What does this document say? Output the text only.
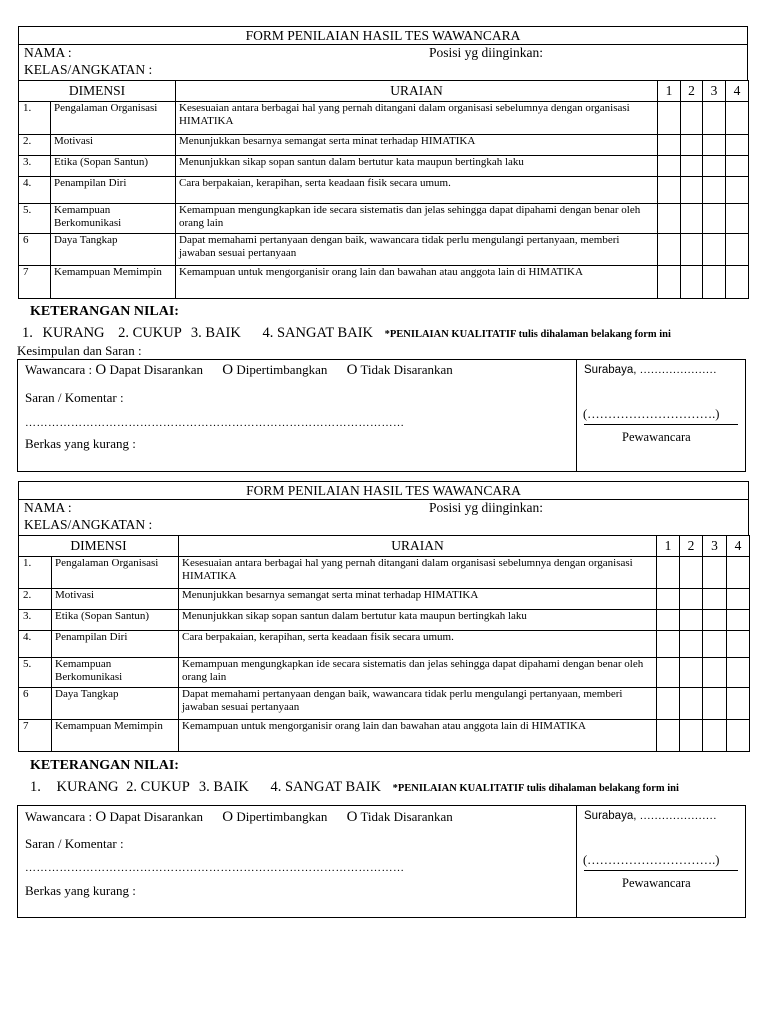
FORM PENILAIAN HASIL TES WAWANCARA
NAMA :	Posisi yg diinginkan:
KELAS/ANGKATAN :
DIMENSI		URAIAN	1	2	3	4
1.	Pengalaman Organisasi	Kesesuaian antara berbagai hal yang pernah ditangani dalam organisasi sebelumnya dengan organisasi HIMATIKA				
2.	Motivasi	Menunjukkan besarnya semangat serta minat terhadap HIMATIKA				
3.	Etika (Sopan Santun)	Menunjukkan sikap sopan santun dalam bertutur kata maupun bertingkah laku				
4.	Penampilan Diri	Cara berpakaian, kerapihan, serta keadaan fisik secara umum.				
5.	Kemampuan Berkomunikasi	Kemampuan mengungkapkan ide secara sistematis dan jelas sehingga dapat dipahami dengan benar oleh orang lain				
6	Daya Tangkap	Dapat memahami pertanyaan dengan baik, wawancara tidak perlu mengulangi pertanyaan, memberi jawaban sesuai pertanyaan				
7	Kemampuan Memimpin	Kemampuan untuk mengorganisir orang lain dan bawahan atau anggota lain di HIMATIKA				
KETERANGAN NILAI:
1. KURANG 2. CUKUP 3. BAIK 4. SANGAT BAIK *PENILAIAN KUALITATIF tulis dihalaman belakang form ini
Kesimpulan dan Saran :
Wawancara : O Dapat Disarankan O Dipertimbangkan O Tidak Disarankan
Saran / Komentar :
………………………………………………………………………………………
Berkas yang kurang :
Surabaya, …………………
(………………………….)
Pewawancara
FORM PENILAIAN HASIL TES WAWANCARA
NAMA :	Posisi yg diinginkan:
KELAS/ANGKATAN :
DIMENSI		URAIAN	1	2	3	4
1.	Pengalaman Organisasi	Kesesuaian antara berbagai hal yang pernah ditangani dalam organisasi sebelumnya dengan organisasi HIMATIKA				
2.	Motivasi	Menunjukkan besarnya semangat serta minat terhadap HIMATIKA				
3.	Etika (Sopan Santun)	Menunjukkan sikap sopan santun dalam bertutur kata maupun bertingkah laku				
4.	Penampilan Diri	Cara berpakaian, kerapihan, serta keadaan fisik secara umum.				
5.	Kemampuan Berkomunikasi	Kemampuan mengungkapkan ide secara sistematis dan jelas sehingga dapat dipahami dengan benar oleh orang lain				
6	Daya Tangkap	Dapat memahami pertanyaan dengan baik, wawancara tidak perlu mengulangi pertanyaan, memberi jawaban sesuai pertanyaan				
7	Kemampuan Memimpin	Kemampuan untuk mengorganisir orang lain dan bawahan atau anggota lain di HIMATIKA				
KETERANGAN NILAI:
1. KURANG 2. CUKUP 3. BAIK 4. SANGAT BAIK *PENILAIAN KUALITATIF tulis dihalaman belakang form ini
Wawancara : O Dapat Disarankan O Dipertimbangkan O Tidak Disarankan
Saran / Komentar :
………………………………………………………………………………………
Berkas yang kurang :
Surabaya, …………………
(………………………….)
Pewawancara
